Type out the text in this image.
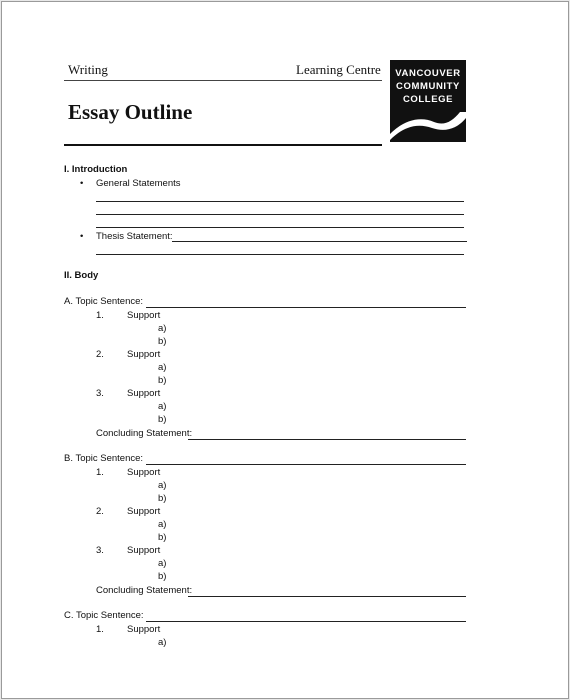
Writing	Learning Centre	VANCOUVER
COMMUNITY
COLLEGE
Essay Outline
I. Introduction
• General Statements
• Thesis Statement:
II. Body
A. Topic Sentence:
1. Support
a)
b)
2. Support
a)
b)
3. Support
a)
b)
Concluding Statement:
B. Topic Sentence:
1. Support
a)
b)
2. Support
a)
b)
3. Support
a)
b)
Concluding Statement:
C. Topic Sentence:
1. Support
a)
